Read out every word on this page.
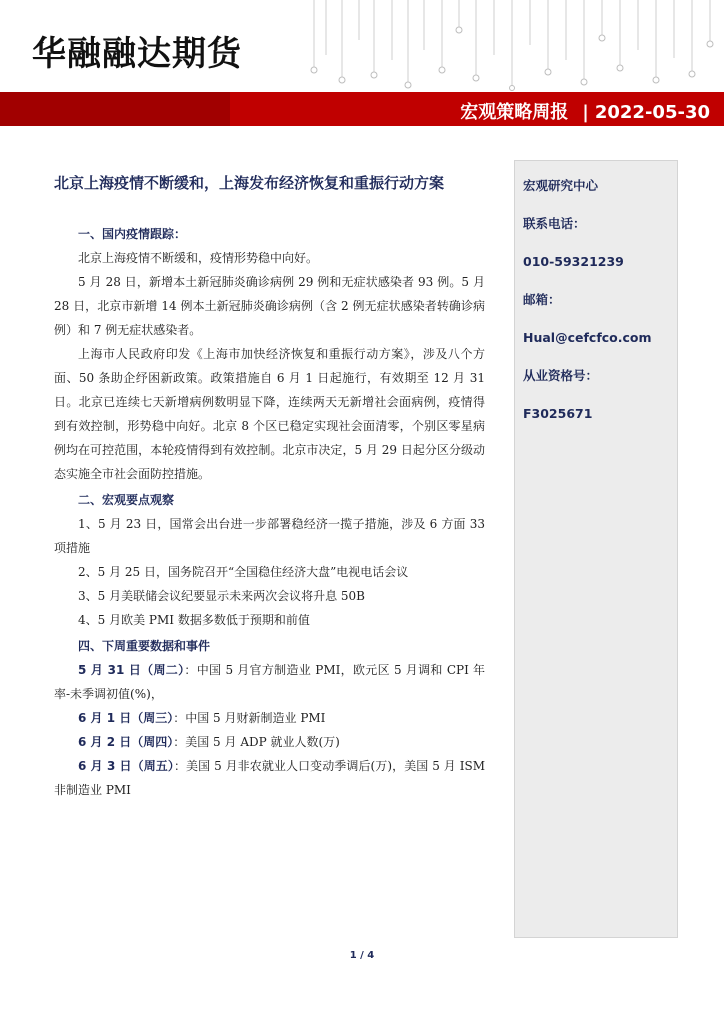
华融融达期货
宏观策略周报 | 2022-05-30
北京上海疫情不断缓和，上海发布经济恢复和重振行动方案

一、国内疫情跟踪：

北京上海疫情不断缓和，疫情形势稳中向好。

5 月 28 日，新增本土新冠肺炎确诊病例 29 例和无症状感染者 93 例。5 月 28 日，北京市新增 14 例本土新冠肺炎确诊病例（含 2 例无症状感染者转确诊病例）和 7 例无症状感染者。

上海市人民政府印发《上海市加快经济恢复和重振行动方案》，涉及八个方面、50 条助企纾困新政策。政策措施自 6 月 1 日起施行，有效期至 12 月 31 日。北京已连续七天新增病例数明显下降，连续两天无新增社会面病例，疫情得到有效控制，形势稳中向好。北京 8 个区已稳定实现社会面清零，个别区零星病例均在可控范围，本轮疫情得到有效控制。北京市决定，5 月 29 日起分区分级动态实施全市社会面防控措施。

二、宏观要点观察

1、5 月 23 日，国常会出台进一步部署稳经济一揽子措施，涉及 6 方面 33 项措施

2、5 月 25 日，国务院召开“全国稳住经济大盘”电视电话会议

3、5 月美联储会议纪要显示未来两次会议将升息 50B

4、5 月欧美 PMI 数据多数低于预期和前值

四、下周重要数据和事件

5 月 31 日（周二）：中国 5 月官方制造业 PMI，欧元区 5 月调和 CPI 年率-未季调初值(%)，

6 月 1 日（周三）：中国 5 月财新制造业 PMI

6 月 2 日（周四）：美国 5 月 ADP 就业人数(万)

6 月 3 日（周五）：美国 5 月非农就业人口变动季调后(万)，美国 5 月 ISM 非制造业 PMI

宏观研究中心
联系电话：
010-59321239
邮箱：
Hual@cefcfco.com
从业资格号：
F3025671
1 / 4
